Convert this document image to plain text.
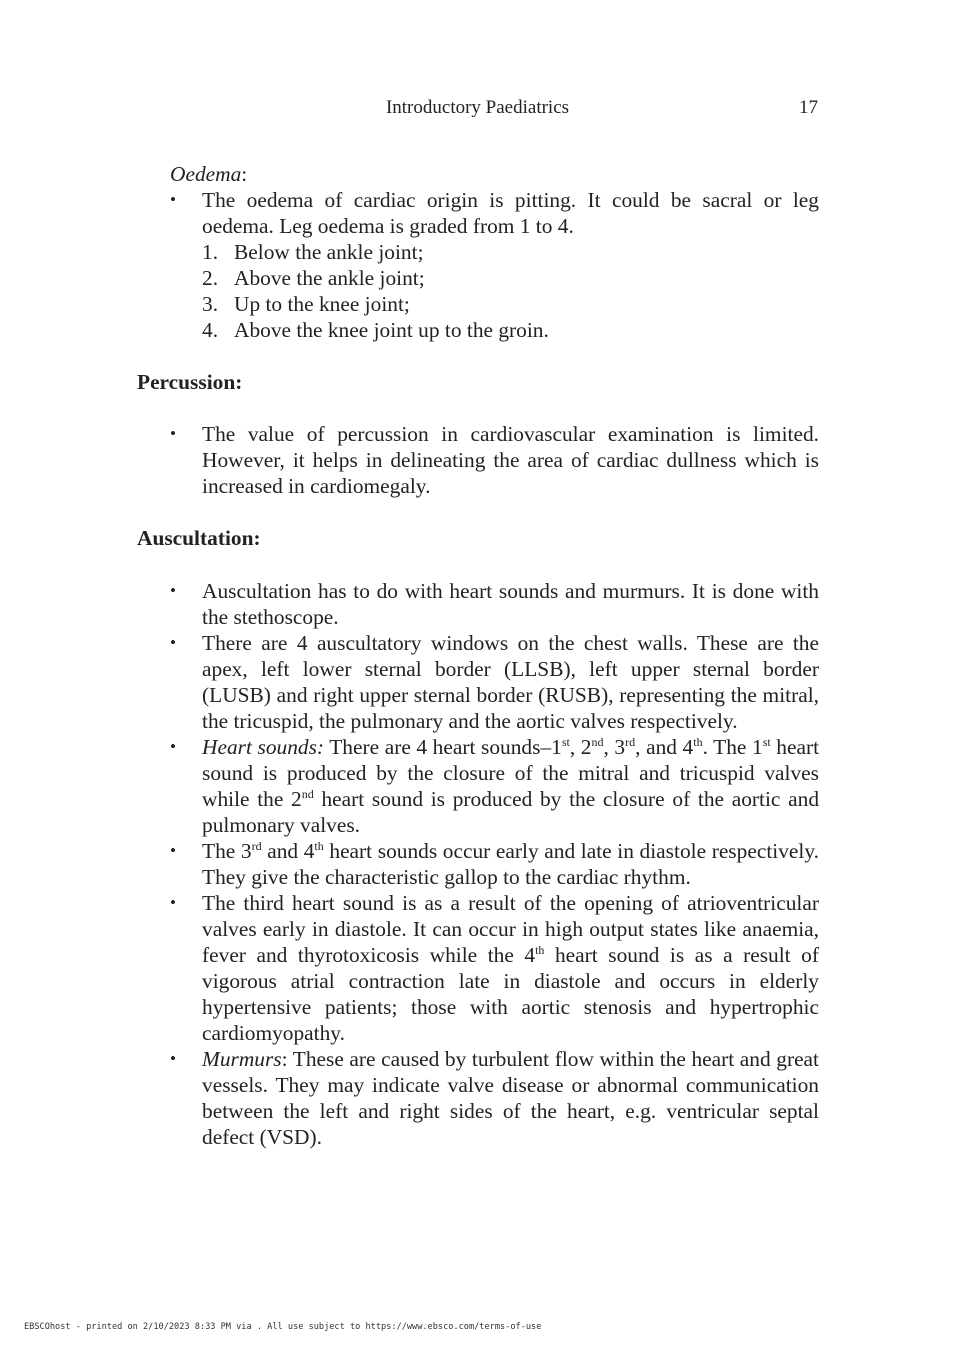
Introductory Paediatrics	17

Oedema:

• The oedema of cardiac origin is pitting. It could be sacral or leg oedema. Leg oedema is graded from 1 to 4.
1. Below the ankle joint;
2. Above the ankle joint;
3. Up to the knee joint;
4. Above the knee joint up to the groin.

Percussion:

• The value of percussion in cardiovascular examination is limited. However, it helps in delineating the area of cardiac dullness which is increased in cardiomegaly.

Auscultation:

• Auscultation has to do with heart sounds and murmurs. It is done with the stethoscope.
• There are 4 auscultatory windows on the chest walls. These are the apex, left lower sternal border (LLSB), left upper sternal border (LUSB) and right upper sternal border (RUSB), representing the mitral, the tricuspid, the pulmonary and the aortic valves respectively.
• Heart sounds: There are 4 heart sounds–1st, 2nd, 3rd, and 4th. The 1st heart sound is produced by the closure of the mitral and tricuspid valves while the 2nd heart sound is produced by the closure of the aortic and pulmonary valves.
• The 3rd and 4th heart sounds occur early and late in diastole respectively. They give the characteristic gallop to the cardiac rhythm.
• The third heart sound is as a result of the opening of atrioventricular valves early in diastole. It can occur in high output states like anaemia, fever and thyrotoxicosis while the 4th heart sound is as a result of vigorous atrial contraction late in diastole and occurs in elderly hypertensive patients; those with aortic stenosis and hypertrophic cardiomyopathy.
• Murmurs: These are caused by turbulent flow within the heart and great vessels. They may indicate valve disease or abnormal communication between the left and right sides of the heart, e.g. ventricular septal defect (VSD).
EBSCOhost - printed on 2/10/2023 8:33 PM via . All use subject to https://www.ebsco.com/terms-of-use
